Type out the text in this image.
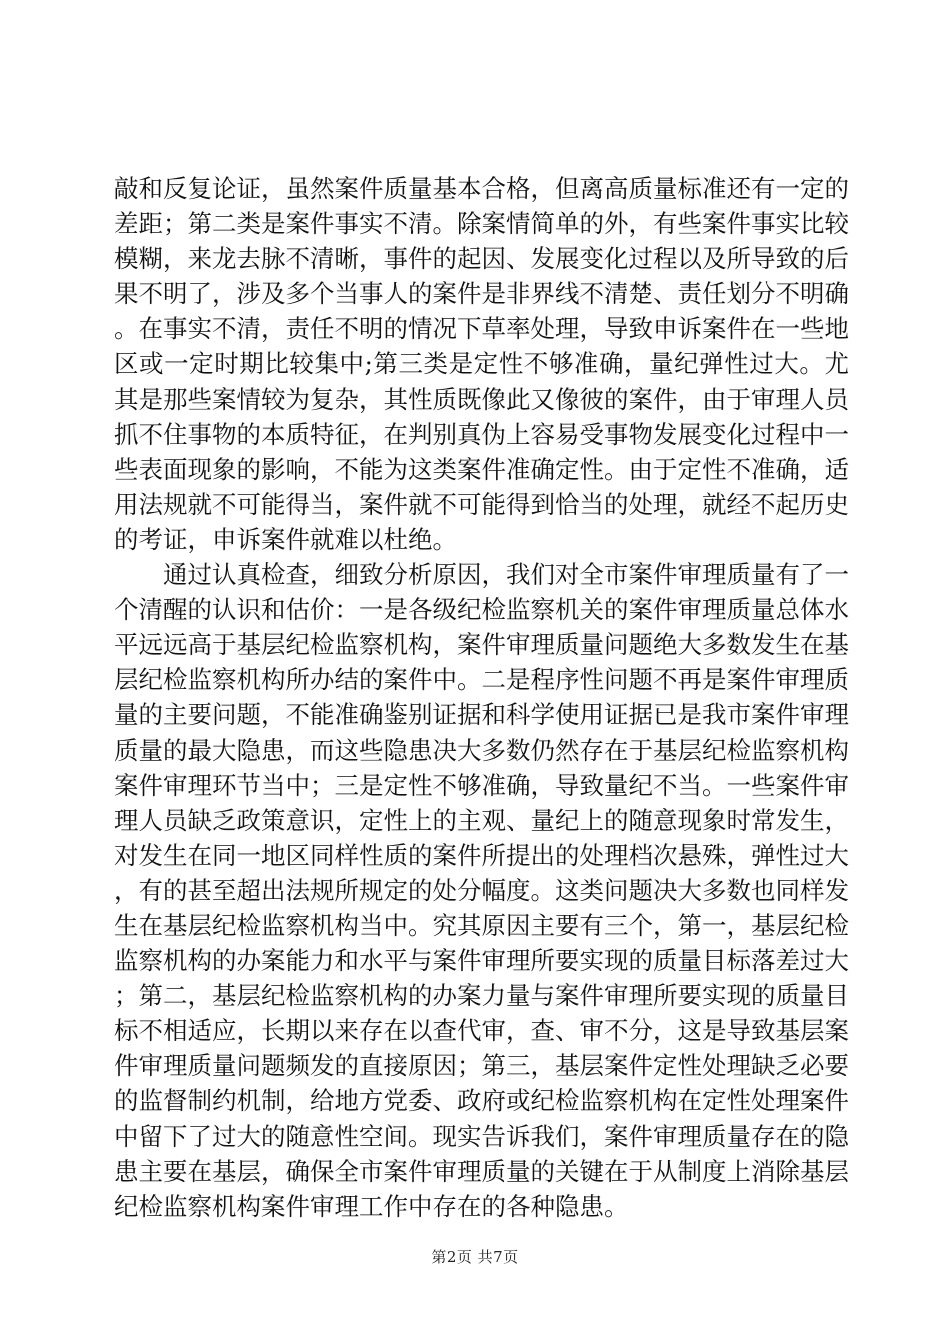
敲和反复论证，虽然案件质量基本合格，但离高质量标准还有一定的差距；第二类是案件事实不清。除案情简单的外，有些案件事实比较模糊，来龙去脉不清晰，事件的起因、发展变化过程以及所导致的后果不明了，涉及多个当事人的案件是非界线不清楚、责任划分不明确。在事实不清，责任不明的情况下草率处理，导致申诉案件在一些地区或一定时期比较集中;第三类是定性不够准确，量纪弹性过大。尤其是那些案情较为复杂，其性质既像此又像彼的案件，由于审理人员抓不住事物的本质特征，在判别真伪上容易受事物发展变化过程中一些表面现象的影响，不能为这类案件准确定性。由于定性不准确，适用法规就不可能得当，案件就不可能得到恰当的处理，就经不起历史的考证，申诉案件就难以杜绝。

通过认真检查，细致分析原因，我们对全市案件审理质量有了一个清醒的认识和估价：一是各级纪检监察机关的案件审理质量总体水平远远高于基层纪检监察机构，案件审理质量问题绝大多数发生在基层纪检监察机构所办结的案件中。二是程序性问题不再是案件审理质量的主要问题，不能准确鉴别证据和科学使用证据已是我市案件审理质量的最大隐患，而这些隐患决大多数仍然存在于基层纪检监察机构案件审理环节当中；三是定性不够准确，导致量纪不当。一些案件审理人员缺乏政策意识，定性上的主观、量纪上的随意现象时常发生，对发生在同一地区同样性质的案件所提出的处理档次悬殊，弹性过大，有的甚至超出法规所规定的处分幅度。这类问题决大多数也同样发生在基层纪检监察机构当中。究其原因主要有三个，第一，基层纪检监察机构的办案能力和水平与案件审理所要实现的质量目标落差过大；第二，基层纪检监察机构的办案力量与案件审理所要实现的质量目标不相适应，长期以来存在以查代审，查、审不分，这是导致基层案件审理质量问题频发的直接原因；第三，基层案件定性处理缺乏必要的监督制约机制，给地方党委、政府或纪检监察机构在定性处理案件中留下了过大的随意性空间。现实告诉我们，案件审理质量存在的隐患主要在基层，确保全市案件审理质量的关键在于从制度上消除基层纪检监察机构案件审理工作中存在的各种隐患。

第2页 共7页
